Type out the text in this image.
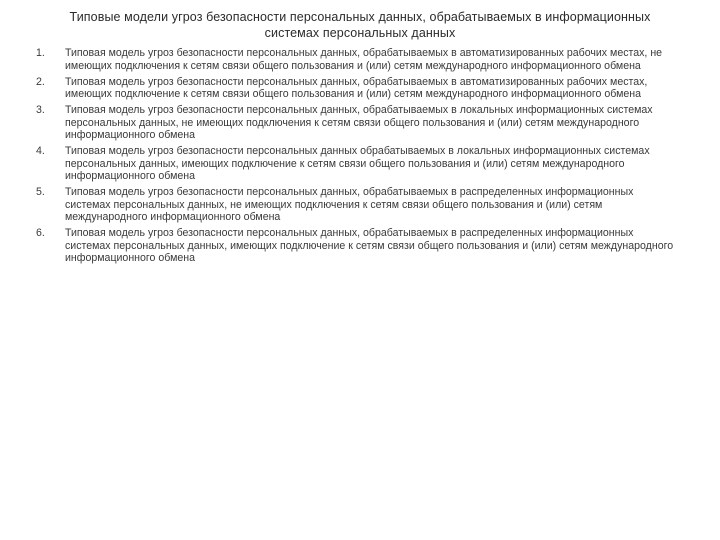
Типовые модели угроз безопасности персональных данных, обрабатываемых в информационных
системах персональных данных
1. Типовая модель угроз безопасности персональных данных, обрабатываемых в автоматизированных рабочих местах, не имеющих подключения к сетям связи общего пользования и (или) сетям международного информационного обмена
2. Типовая модель угроз безопасности персональных данных, обрабатываемых в автоматизированных рабочих местах, имеющих подключение к сетям связи общего пользования и (или) сетям международного информационного обмена
3. Типовая модель угроз безопасности персональных данных, обрабатываемых в локальных информационных системах персональных данных, не имеющих подключения к сетям связи общего пользования и (или) сетям международного информационного обмена
4. Типовая модель угроз безопасности персональных данных обрабатываемых в локальных информационных системах персональных данных, имеющих подключение к сетям связи общего пользования и (или) сетям международного информационного обмена
5. Типовая модель угроз безопасности персональных данных, обрабатываемых в распределенных информационных системах персональных данных, не имеющих подключения к сетям связи общего пользования и (или) сетям международного информационного обмена
6. Типовая модель угроз безопасности персональных данных, обрабатываемых в распределенных информационных системах персональных данных, имеющих подключение к сетям связи общего пользования и (или) сетям международного информационного обмена
